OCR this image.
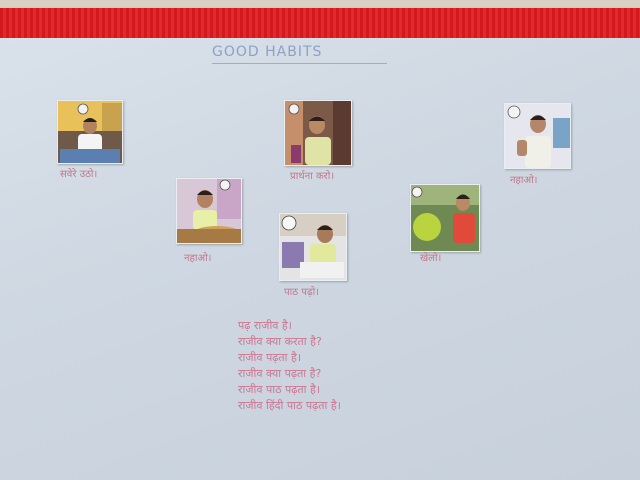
GOOD HABITS
सवेरे उठो।	प्रार्थना करो।	नहाओ।
नहाओ।
पाठ पढ़ो।
खेलो।
पढ़ राजीव है।
राजीव क्या करता है?
राजीव पढ़ता है।
राजीव क्या पढ़ता है?
राजीव पाठ पढ़ता है।
राजीव हिंदी पाठ पढ़ता है।
